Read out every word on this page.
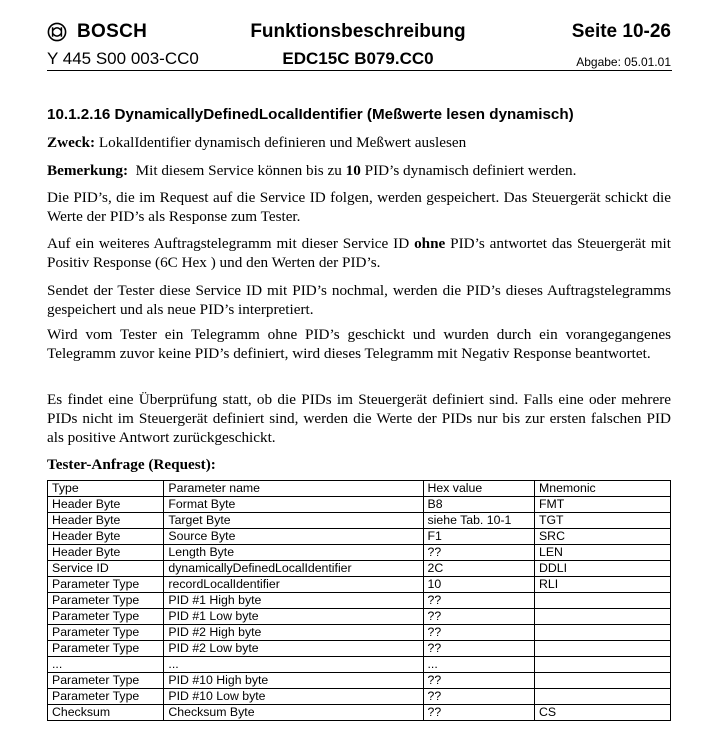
BOSCH	Funktionsbeschreibung	Seite 10-26
Y 445 S00 003-CC0	EDC15C B079.CC0	Abgabe: 05.01.01
10.1.2.16 DynamicallyDefinedLocalIdentifier (Meßwerte lesen dynamisch)
Zweck: LokalIdentifier dynamisch definieren und Meßwert auslesen
Bemerkung: Mit diesem Service können bis zu 10 PID’s dynamisch definiert werden.
Die PID’s, die im Request auf die Service ID folgen, werden gespeichert. Das Steuergerät schickt die Werte der PID’s als Response zum Tester.
Auf ein weiteres Auftragstelegramm mit dieser Service ID ohne PID’s antwortet das Steuergerät mit Positiv Response (6C Hex ) und den Werten der PID’s.
Sendet der Tester diese Service ID mit PID’s nochmal, werden die PID’s dieses Auftragstelegramms gespeichert und als neue PID’s interpretiert.
Wird vom Tester ein Telegramm ohne PID’s geschickt und wurden durch ein vorangegangenes Telegramm zuvor keine PID’s definiert, wird dieses Telegramm mit Negativ Response beantwortet.
Es findet eine Überprüfung statt, ob die PIDs im Steuergerät definiert sind. Falls eine oder mehrere PIDs nicht im Steuergerät definiert sind, werden die Werte der PIDs nur bis zur ersten falschen PID als positive Antwort zurückgeschickt.
Tester-Anfrage (Request):
Type	Parameter name	Hex value	Mnemonic
Header Byte	Format Byte	B8	FMT
Header Byte	Target Byte	siehe Tab. 10-1	TGT
Header Byte	Source Byte	F1	SRC
Header Byte	Length Byte	??	LEN
Service ID	dynamicallyDefinedLocalIdentifier	2C	DDLI
Parameter Type	recordLocalIdentifier	10	RLI
Parameter Type	PID #1 High byte	??	
Parameter Type	PID #1 Low byte	??	
Parameter Type	PID #2 High byte	??	
Parameter Type	PID #2 Low byte	??	
...	...	...	
Parameter Type	PID #10 High byte	??	
Parameter Type	PID #10 Low byte	??	
Checksum	Checksum Byte	??	CS
